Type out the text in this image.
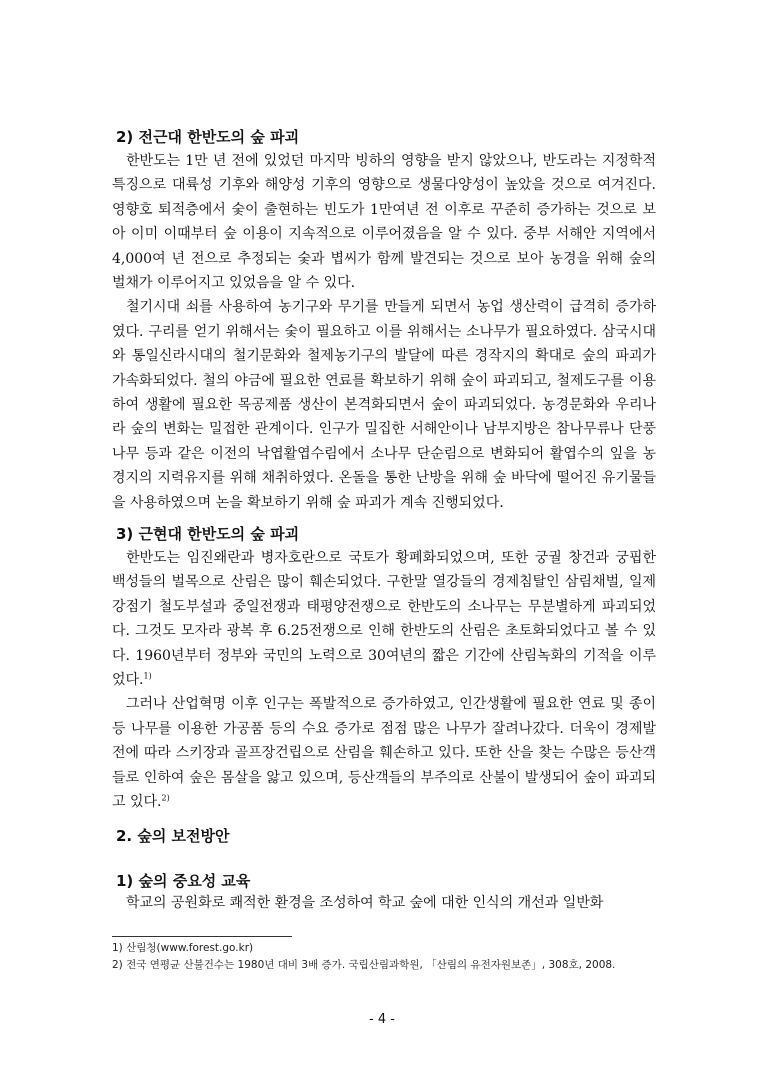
2) 전근대 한반도의 숲 파괴

한반도는 1만 년 전에 있었던 마지막 빙하의 영향을 받지 않았으나, 반도라는 지정학적 특징으로 대륙성 기후와 해양성 기후의 영향으로 생물다양성이 높았을 것으로 여겨진다. 영향호 퇴적층에서 숯이 출현하는 빈도가 1만여년 전 이후로 꾸준히 증가하는 것으로 보아 이미 이때부터 숲 이용이 지속적으로 이루어졌음을 알 수 있다. 중부 서해안 지역에서 4,000여 년 전으로 추정되는 숯과 볍씨가 함께 발견되는 것으로 보아 농경을 위해 숲의 벌채가 이루어지고 있었음을 알 수 있다.

철기시대 쇠를 사용하여 농기구와 무기를 만들게 되면서 농업 생산력이 급격히 증가하였다. 구리를 얻기 위해서는 숯이 필요하고 이를 위해서는 소나무가 필요하였다. 삼국시대와 통일신라시대의 철기문화와 철제농기구의 발달에 따른 경작지의 확대로 숲의 파괴가 가속화되었다. 철의 야금에 필요한 연료를 확보하기 위해 숲이 파괴되고, 철제도구를 이용하여 생활에 필요한 목공제품 생산이 본격화되면서 숲이 파괴되었다. 농경문화와 우리나라 숲의 변화는 밀접한 관계이다. 인구가 밀집한 서해안이나 남부지방은 참나무류나 단풍나무 등과 같은 이전의 낙엽활엽수림에서 소나무 단순림으로 변화되어 활엽수의 잎을 농경지의 지력유지를 위해 채취하였다. 온돌을 통한 난방을 위해 숲 바닥에 떨어진 유기물들을 사용하였으며 논을 확보하기 위해 숲 파괴가 계속 진행되었다.

3) 근현대 한반도의 숲 파괴

한반도는 임진왜란과 병자호란으로 국토가 황폐화되었으며, 또한 궁궐 창건과 궁핍한 백성들의 벌목으로 산림은 많이 훼손되었다. 구한말 열강들의 경제침탈인 삼림채벌, 일제강점기 철도부설과 중일전쟁과 태평양전쟁으로 한반도의 소나무는 무분별하게 파괴되었다. 그것도 모자라 광복 후 6.25전쟁으로 인해 한반도의 산림은 초토화되었다고 볼 수 있다. 1960년부터 정부와 국민의 노력으로 30여년의 짧은 기간에 산림녹화의 기적을 이루었다.$^{1)}$

그러나 산업혁명 이후 인구는 폭발적으로 증가하였고, 인간생활에 필요한 연료 및 종이 등 나무를 이용한 가공품 등의 수요 증가로 점점 많은 나무가 잘려나갔다. 더욱이 경제발전에 따라 스키장과 골프장건립으로 산림을 훼손하고 있다. 또한 산을 찾는 수많은 등산객들로 인하여 숲은 몸살을 앓고 있으며, 등산객들의 부주의로 산불이 발생되어 숲이 파괴되고 있다.$^{2)}$

2. 숲의 보전방안
1) 숲의 중요성 교육

학교의 공원화로 쾌적한 환경을 조성하여 학교 숲에 대한 인식의 개선과 일반화

1) 산림청(www.forest.go.kr)
2) 전국 연평균 산불건수는 1980년 대비 3배 증가. 국립산림과학원, 「산림의 유전자원보존」, 308호, 2008.
- 4 -
